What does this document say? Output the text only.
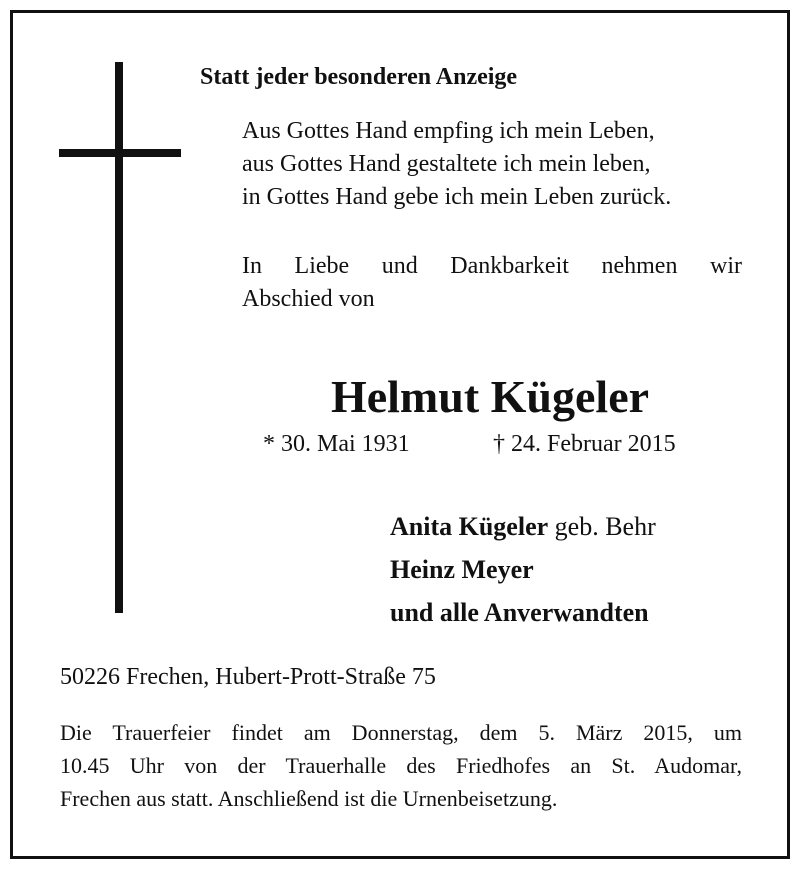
Statt jeder besonderen Anzeige
Aus Gottes Hand empfing ich mein Leben,
aus Gottes Hand gestaltete ich mein leben,
in Gottes Hand gebe ich mein Leben zurück.
In Liebe und Dankbarkeit nehmen wir
Abschied von
Helmut Kügeler
* 30. Mai 1931	† 24. Februar 2015
Anita Kügeler geb. Behr
Heinz Meyer
und alle Anverwandten
50226 Frechen, Hubert-Prott-Straße 75
Die Trauerfeier findet am Donnerstag, dem 5. März 2015, um
10.45 Uhr von der Trauerhalle des Friedhofes an St. Audomar,
Frechen aus statt. Anschließend ist die Urnenbeisetzung.
